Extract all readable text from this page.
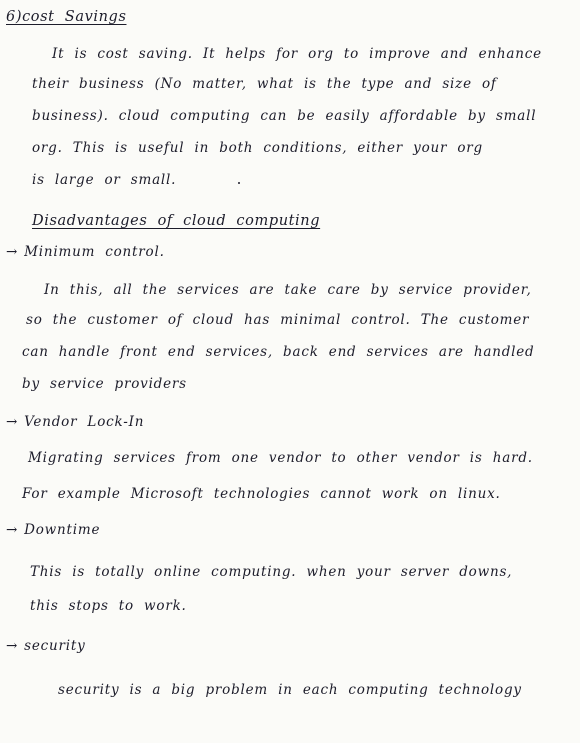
6)cost Savings
It is cost saving. It helps for org to improve and enhance
their business (No matter, what is the type and size of
business). cloud computing can be easily affordable by small
org. This is useful in both conditions, either your org
is large or small.
Disadvantages of cloud computing
→ Minimum control.
In this, all the services are take care by service provider,
so the customer of cloud has minimal control. The customer
can handle front end services, back end services are handled
by service providers
→ Vendor Lock-In
Migrating services from one vendor to other vendor is hard.
For example Microsoft technologies cannot work on linux.
→ Downtime
This is totally online computing. when your server downs,
this stops to work.
→ security
security is a big problem in each computing technology
